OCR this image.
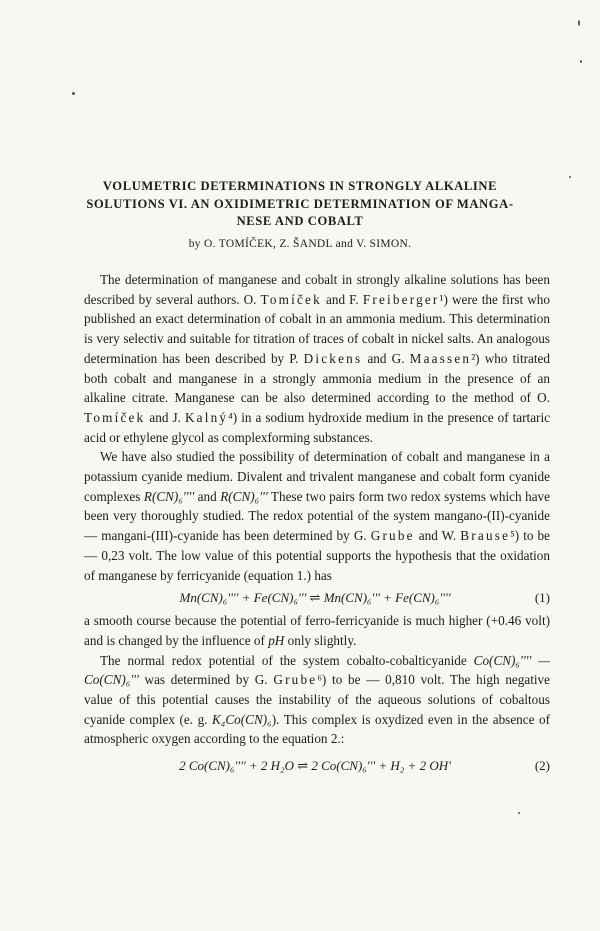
VOLUMETRIC DETERMINATIONS IN STRONGLY ALKALINE
SOLUTIONS VI. AN OXIDIMETRIC DETERMINATION OF MANGA-
NESE AND COBALT
by O. TOMÍČEK, Z. ŠANDL and V. SIMON.

The determination of manganese and cobalt in strongly alkaline solutions has been described by several authors. O. Tomíček and F. Freiberger¹) were the first who published an exact determination of cobalt in an ammonia medium. This determination is very selectiv and suitable for titration of traces of cobalt in nickel salts. An analogous determination has been described by P. Dickens and G. Maassen²) who titrated both cobalt and manganese in a strongly ammonia medium in the presence of an alkaline citrate. Manganese can be also determined according to the method of O. Tomíček and J. Kalný⁴) in a sodium hydroxide medium in the presence of tartaric acid or ethylene glycol as complexforming substances.

We have also studied the possibility of determination of cobalt and manganese in a potassium cyanide medium. Divalent and trivalent manganese and cobalt form cyanide complexes R(CN)₆'''' and R(CN)₆''' These two pairs form two redox systems which have been very thoroughly studied. The redox potential of the system mangano-(II)-cyanide — mangani-(III)-cyanide has been determined by G. Grube and W. Brause⁵) to be — 0,23 volt. The low value of this potential supports the hypothesis that the oxidation of manganese by ferricyanide (equation 1.) has

Mn(CN)₆'''' + Fe(CN)₆''' ⇌ Mn(CN)₆''' + Fe(CN)₆''''	(1)

a smooth course because the potential of ferro-ferricyanide is much higher (+0.46 volt) and is changed by the influence of pH only slightly.

The normal redox potential of the system cobalto-cobalticyanide Co(CN)₆'''' — Co(CN)₆''' was determined by G. Grube⁶) to be — 0,810 volt. The high negative value of this potential causes the instability of the aqueous solutions of cobaltous cyanide complex (e. g. K₄Co(CN)₆). This complex is oxydized even in the absence of atmospheric oxygen according to the equation 2.:

2 Co(CN)₆'''' + 2 H₂O ⇌ 2 Co(CN)₆''' + H₂ + 2 OH'	(2)
